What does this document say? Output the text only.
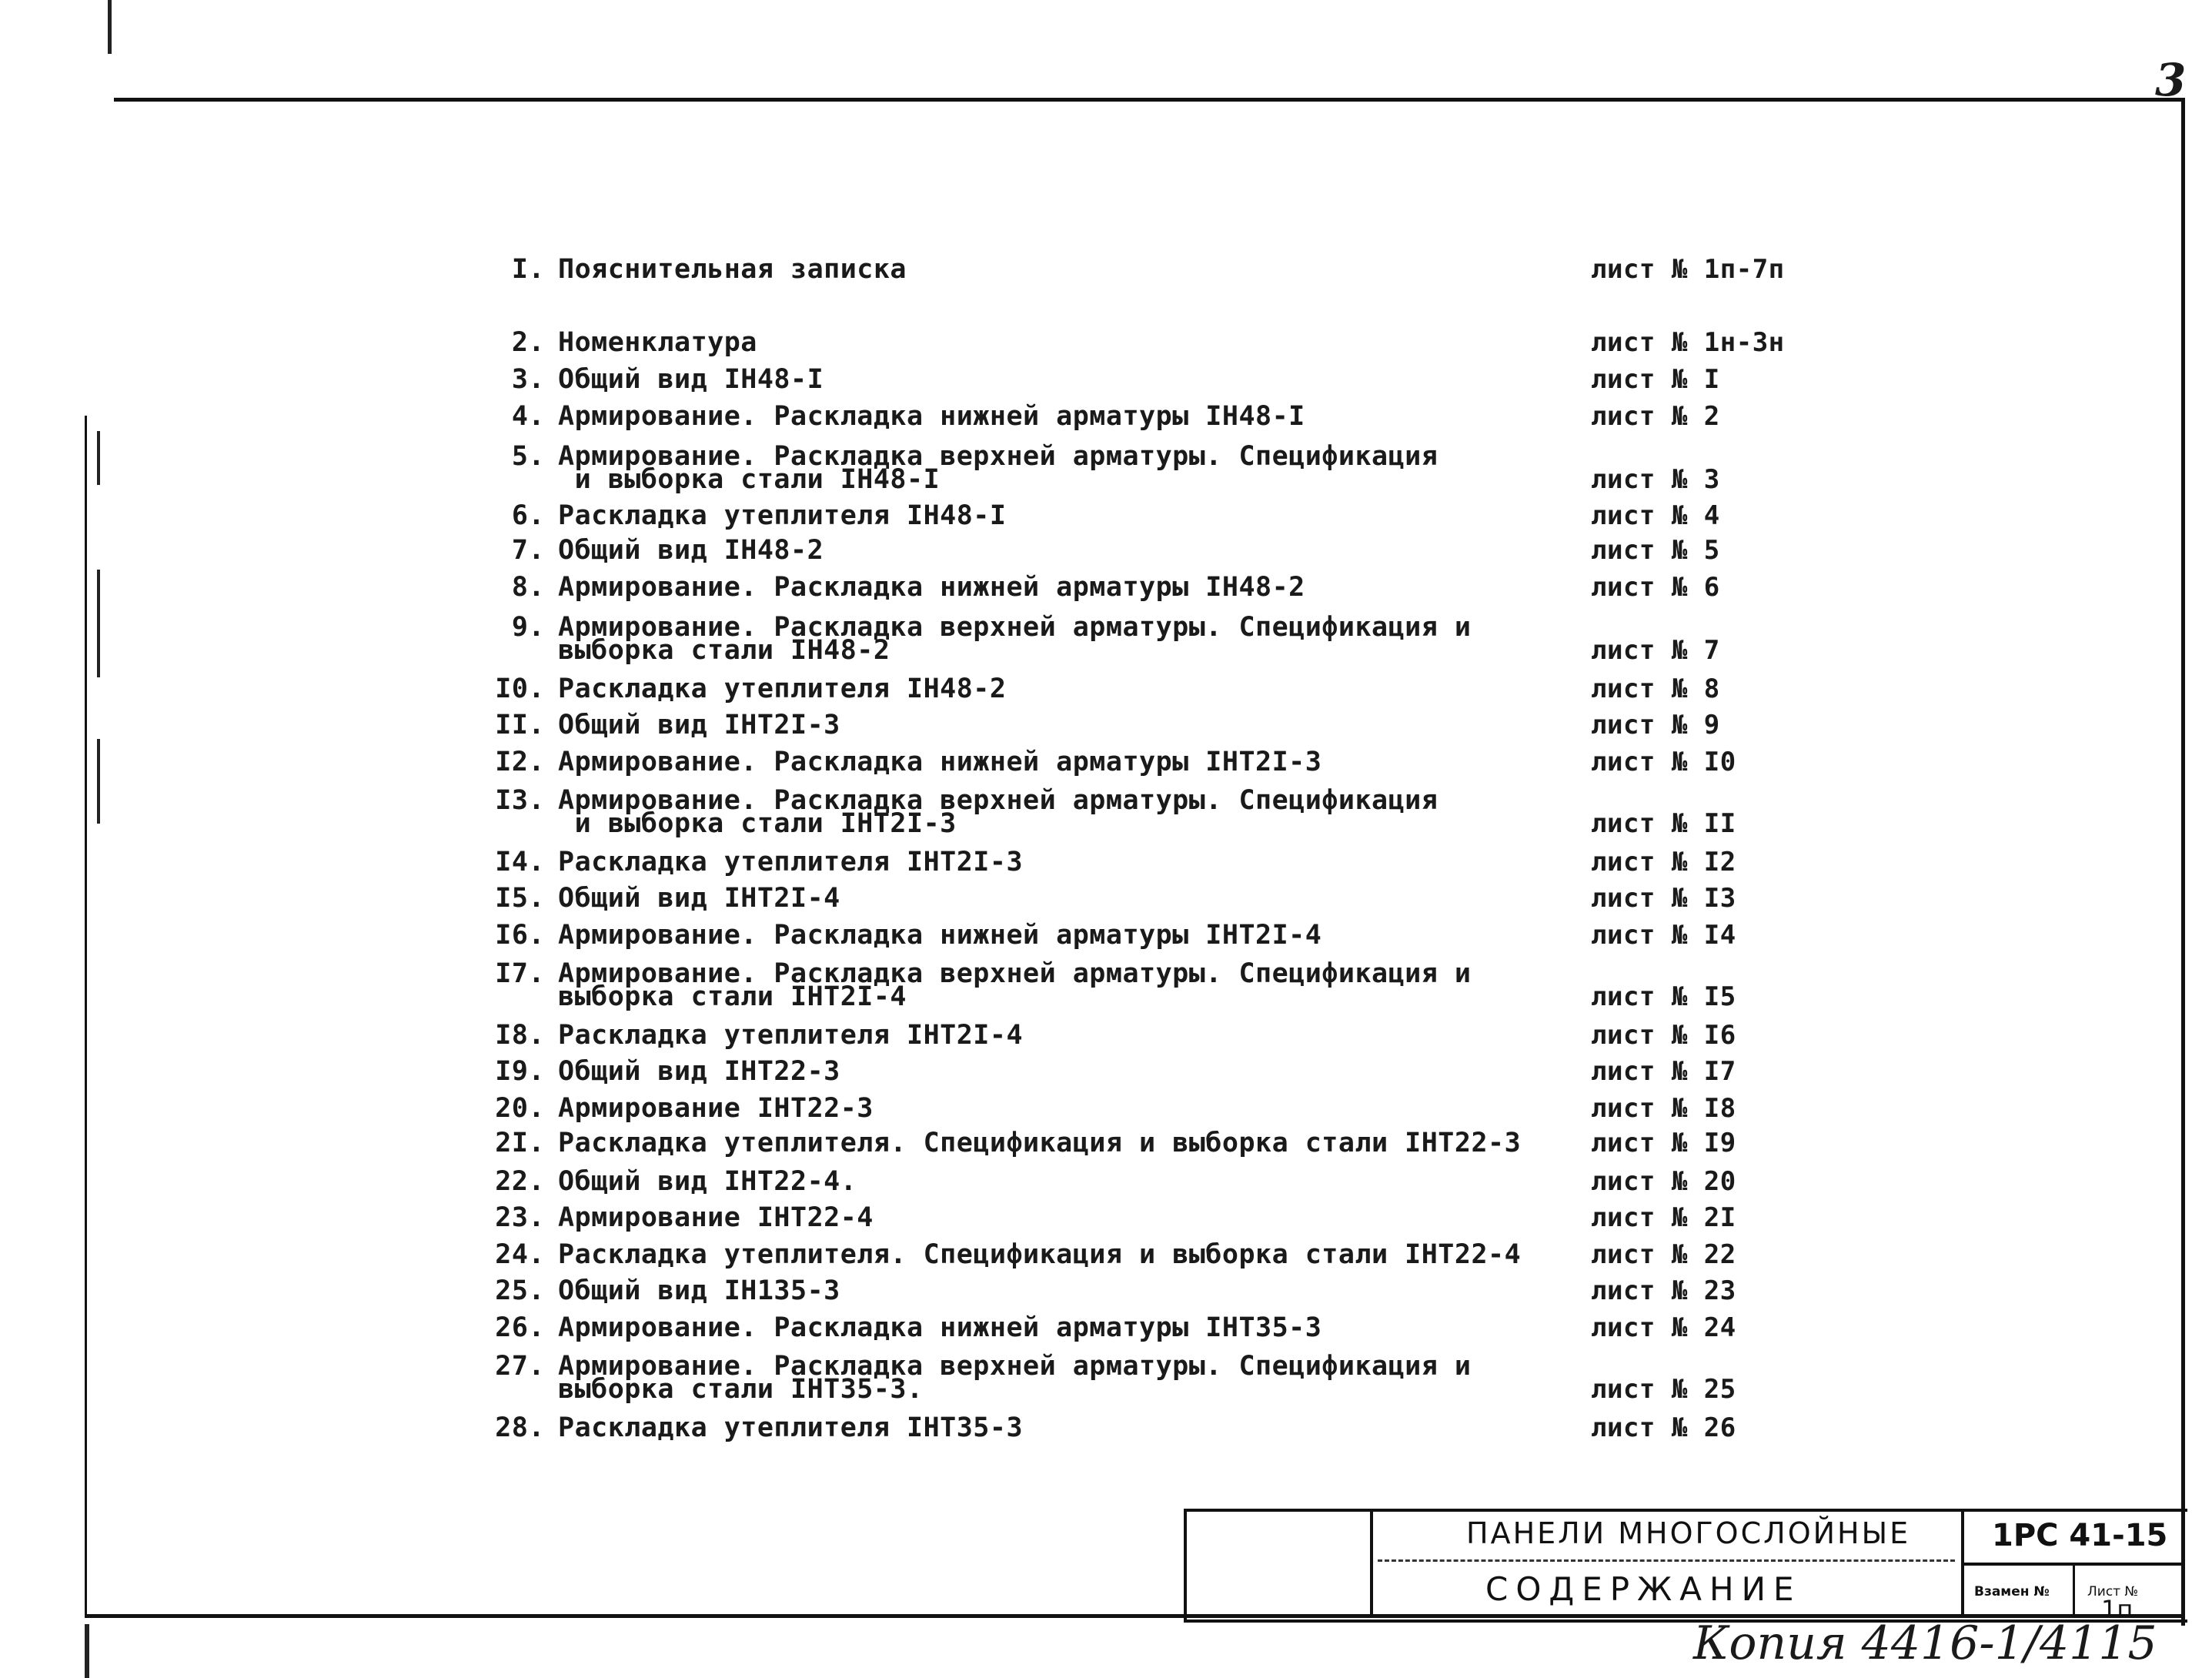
3
I. Пояснительная записка	лист № 1п-7п
2. Номенклатура	лист № 1н-3н
3. Общий вид IH48-I	лист № I
4. Армирование. Раскладка нижней арматуры IH48-I	лист № 2
5. Армирование. Раскладка верхней арматуры. Спецификация
и выборка стали IH48-I	лист № 3
6. Раскладка утеплителя IH48-I	лист № 4
7. Общий вид IH48-2	лист № 5
8. Армирование. Раскладка нижней арматуры IH48-2	лист № 6
9. Армирование. Раскладка верхней арматуры. Спецификация и
выборка стали IH48-2	лист № 7
I0. Раскладка утеплителя IH48-2	лист № 8
II. Общий вид IHT2I-3	лист № 9
I2. Армирование. Раскладка нижней арматуры IHT2I-3	лист № I0
I3. Армирование. Раскладка верхней арматуры. Спецификация
и выборка стали IHT2I-3	лист № II
I4. Раскладка утеплителя IHT2I-3	лист № I2
I5. Общий вид IHT2I-4	лист № I3
I6. Армирование. Раскладка нижней арматуры IHT2I-4	лист № I4
I7. Армирование. Раскладка верхней арматуры. Спецификация и
выборка стали IHT2I-4	лист № I5
I8. Раскладка утеплителя IHT2I-4	лист № I6
I9. Общий вид IHT22-3	лист № I7
20. Армирование IHT22-3	лист № I8
2I. Раскладка утеплителя. Спецификация и выборка стали IHT22-3	лист № I9
22. Общий вид IHT22-4.	лист № 20
23. Армирование IHT22-4	лист № 2I
24. Раскладка утеплителя. Спецификация и выборка стали IHT22-4	лист № 22
25. Общий вид IH135-3	лист № 23
26. Армирование. Раскладка нижней арматуры IHT35-3	лист № 24
27. Армирование. Раскладка верхней арматуры. Спецификация и
выборка стали IHT35-3.	лист № 25
28. Раскладка утеплителя IHT35-3	лист № 26
ПАНЕЛИ МНОГОСЛОЙНЫЕ
СОДЕРЖАНИЕ
1РС 41-15
Взамен №	Лист №
1п
Копия 4416-1/4115
